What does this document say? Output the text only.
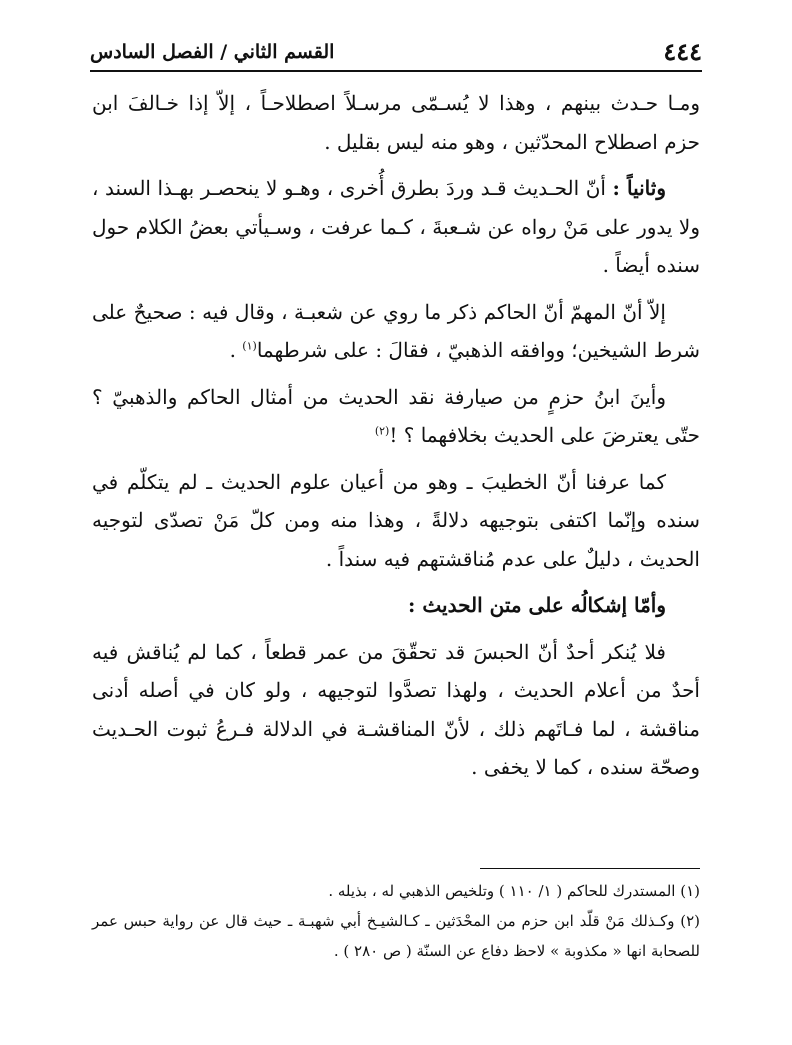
٤٤٤
القسم الثاني / الفصل السادس

ومـا حـدث بينهم ، وهذا لا يُسـمّى مرسـلاً اصطلاحـاً ، إلاّ إذا خـالفَ ابن حزم اصطلاح المحدّثين ، وهو منه ليس بقليل .

وثانياً : أنّ الحـديث قـد وردَ بطرق أُخرى ، وهـو لا ينحصـر بهـذا السند ، ولا يدور على مَنْ رواه عن شـعبةَ ، كـما عرفت ، وسـيأتي بعضُ الكلام حول سنده أيضاً .

إلاّ أنّ المهمّ أنّ الحاكم ذكر ما روي عن شعبـة ، وقال فيه : صحيحٌ على شرط الشيخين؛ ووافقه الذهبيّ ، فقالَ : على شرطهما$^{(١)}$ .

وأينَ ابنُ حزمٍ من صيارفة نقد الحديث من أمثال الحاكم والذهبيّ ؟ حتّى يعترضَ على الحديث بخلافهما ؟ !$^{(٢)}$

كما عرفنا أنّ الخطيبَ ـ وهو من أعيان علوم الحديث ـ لم يتكلّم في سنده وإنّما اكتفى بتوجيهه دلالةً ، وهذا منه ومن كلّ مَنْ تصدّى لتوجيه الحديث ، دليلٌ على عدم مُناقشتهم فيه سنداً .

وأمّا إشكالُه على متن الحديث :

فلا يُنكر أحدٌ أنّ الحبسَ قد تحقّقَ من عمر قطعاً ، كما لم يُناقش فيه أحدٌ من أعلام الحديث ، ولهذا تصدَّوا لتوجيهه ، ولو كان في أصله أدنى مناقشة ، لما فـاتَهم ذلك ، لأنّ المناقشـة في الدلالة فـرعُ ثبوت الحـديث وصحّة سنده ، كما لا يخفى .

(١) المستدرك للحاكم ( ١/ ١١٠ ) وتلخيص الذهبي له ، بذيله .

(٢) وكـذلك مَنْ قلّد ابن حزم من المحْدَثين ـ كـالشيـخ أبي شهبـة ـ حيث قال عن رواية حبس عمر للصحابة انها « مكذوبة » لاحظ دفاع عن السنّة ( ص ٢٨٠ ) .
